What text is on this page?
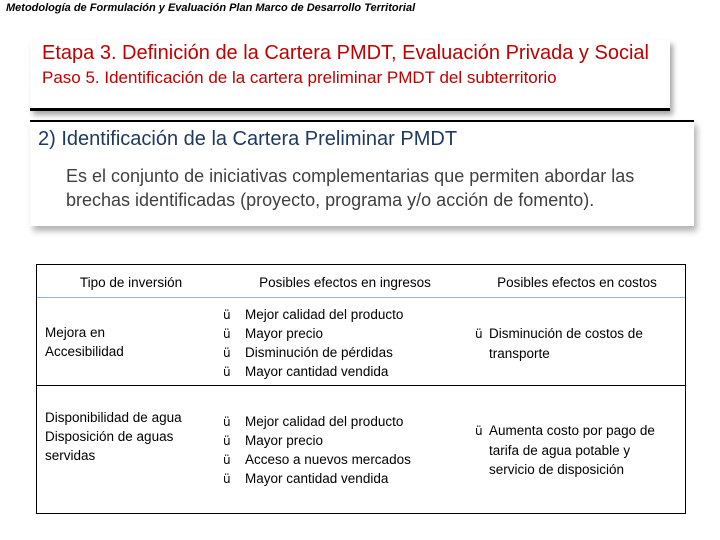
Metodología de Formulación y Evaluación Plan Marco de Desarrollo Territorial
Etapa 3. Definición de la Cartera PMDT, Evaluación Privada y Social
Paso 5. Identificación de la cartera preliminar PMDT del subterritorio
2) Identificación de la Cartera Preliminar PMDT
Es el conjunto de iniciativas complementarias que permiten abordar las brechas identificadas (proyecto, programa y/o acción de fomento).
Tipo de inversión	Posibles efectos en ingresos	Posibles efectos en costos
Mejora en
Accesibilidad
ü Mejor calidad del producto
ü Mayor precio
ü Disminución de pérdidas
ü Mayor cantidad vendida
ü Disminución de costos de
transporte
Disponibilidad de agua
Disposición de aguas
servidas
ü Mejor calidad del producto
ü Mayor precio
ü Acceso a nuevos mercados
ü Mayor cantidad vendida
ü Aumenta costo por pago de
tarifa de agua potable y
servicio de disposición
